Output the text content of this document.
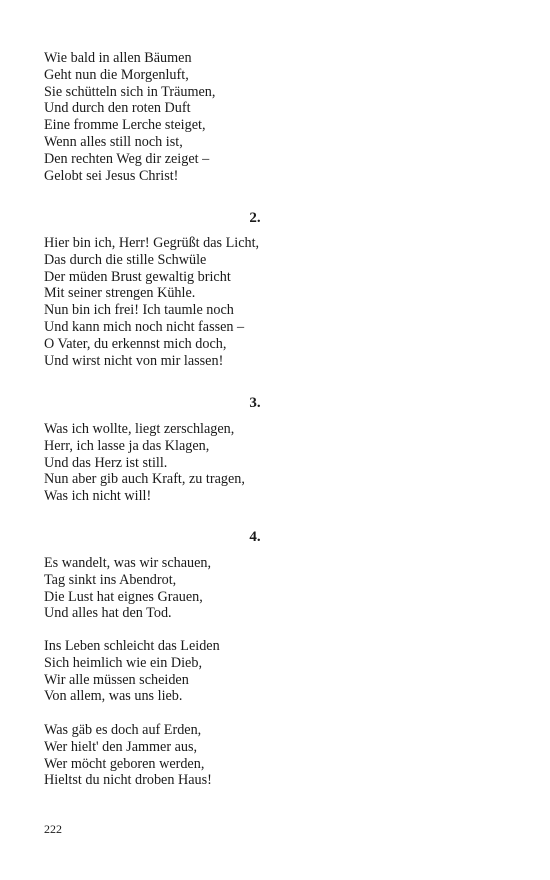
Wie bald in allen Bäumen
Geht nun die Morgenluft,
Sie schütteln sich in Träumen,
Und durch den roten Duft
Eine fromme Lerche steiget,
Wenn alles still noch ist,
Den rechten Weg dir zeiget –
Gelobt sei Jesus Christ!
2.
Hier bin ich, Herr! Gegrüßt das Licht,
Das durch die stille Schwüle
Der müden Brust gewaltig bricht
Mit seiner strengen Kühle.
Nun bin ich frei! Ich taumle noch
Und kann mich noch nicht fassen –
O Vater, du erkennst mich doch,
Und wirst nicht von mir lassen!
3.
Was ich wollte, liegt zerschlagen,
Herr, ich lasse ja das Klagen,
Und das Herz ist still.
Nun aber gib auch Kraft, zu tragen,
Was ich nicht will!
4.
Es wandelt, was wir schauen,
Tag sinkt ins Abendrot,
Die Lust hat eignes Grauen,
Und alles hat den Tod.
Ins Leben schleicht das Leiden
Sich heimlich wie ein Dieb,
Wir alle müssen scheiden
Von allem, was uns lieb.
Was gäb es doch auf Erden,
Wer hielt' den Jammer aus,
Wer möcht geboren werden,
Hieltst du nicht droben Haus!
222
